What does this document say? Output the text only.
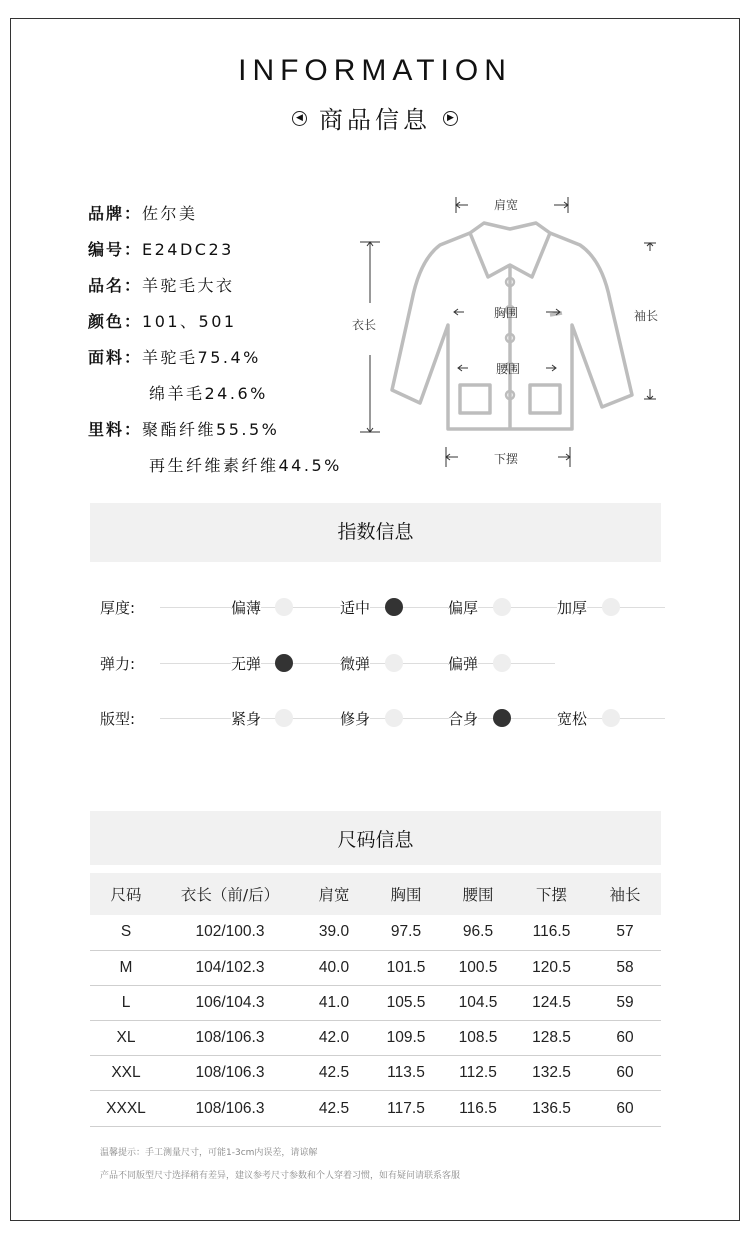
INFORMATION
◀ 商品信息 ▶
品牌：佐尔美
编号：E24DC23
品名：羊驼毛大衣
颜色：101、501
面料：羊驼毛75.4%
绵羊毛24.6%
里料：聚酯纤维55.5%
再生纤维素纤维44.5%
肩宽
衣长
胸围
腰围
袖长
下摆
指数信息
厚度:	偏薄	适中	偏厚	加厚
弹力:	无弹	微弹	偏弹
版型:	紧身	修身	合身	宽松
尺码信息
尺码	衣长（前/后）	肩宽	胸围	腰围	下摆	袖长
S	102/100.3	39.0	97.5	96.5	116.5	57
M	104/102.3	40.0	101.5	100.5	120.5	58
L	106/104.3	41.0	105.5	104.5	124.5	59
XL	108/106.3	42.0	109.5	108.5	128.5	60
XXL	108/106.3	42.5	113.5	112.5	132.5	60
XXXL	108/106.3	42.5	117.5	116.5	136.5	60
温馨提示：手工测量尺寸，可能1-3cm内误差，请谅解
产品不同版型尺寸选择稍有差异，建议参考尺寸参数和个人穿着习惯，如有疑问请联系客服
